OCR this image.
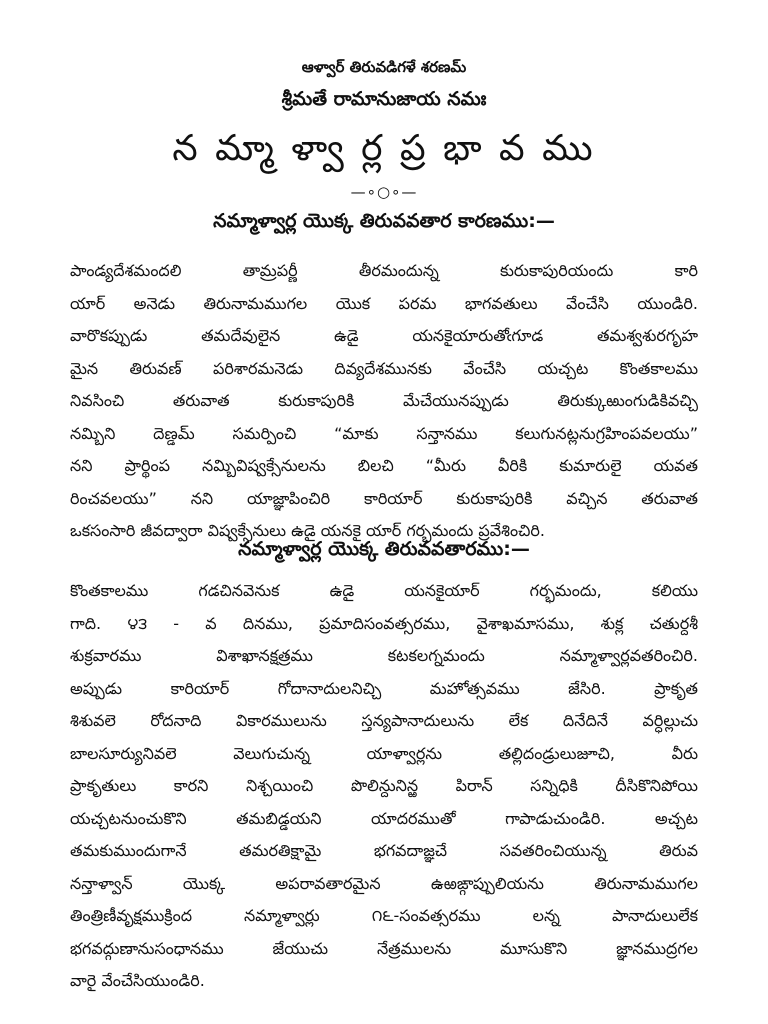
ఆళ్వార్ తిరువడిగళే శరణమ్
శ్రీమతే రామానుజాయ నమః
న మ్మా ళ్వా ర్ల ప్ర భా వ ము
—∘○∘—
నమ్మాళ్వార్ల యొక్క తిరువవతార కారణము:—
పాండ్యదేశమందలి తామ్రపర్ణీ తీరమందున్న కురుకాపురియందు కారి
యార్ అనెడు తిరునామముగల యొక పరమ భాగవతులు వేంచేసి యుండిరి.
వారొకప్పుడు తమదేవులైన ఉడై యనకైయారుతోఁగూడ తమశ్వశురగృహ
మైన తిరువణ్ పరిశారమనెడు దివ్యదేశమునకు వేంచేసి యచ్చట కొంతకాలము
నివసించి తరువాత కురుకాపురికి మేచేయునప్పుడు తిరుక్కుఱుంగుడికివచ్చి
నమ్బిని దెణ్డమ్ సమర్పించి “మాకు సన్తానము కలుగునట్లనుగ్రహింపవలయు”
నని ప్రార్థింప నమ్బివిష్వక్సేనులను బిలచి “మీరు వీరికి కుమారులై యవత
రించవలయు” నని యాజ్ఞాపించిరి కారియార్ కురుకాపురికి వచ్చిన తరువాత
ఒకసంసారి జీవద్వారా విష్వక్సేనులు ఉడై యనకై యార్ గర్భమందు ప్రవేశించిరి.
నమ్మాళ్వార్ల యొక్క తిరువవతారము:—
కొంతకాలము గడచినవెనుక ఉడై యనకైయార్ గర్భమందు, కలియు
గాది. ౪౩ - వ దినము, ప్రమాదిసంవత్సరము, వైశాఖమాసము, శుక్ల చతుర్దశీ
శుక్రవారము విశాఖానక్షత్రము కటకలగ్నమందు నమ్మాళ్వార్లవతరించిరి.
అప్పుడు కారియార్ గోదానాదులనిచ్చి మహోత్సవము జేసిరి. ప్రాకృత
శిశువలె రోదనాది వికారములును స్తన్యపానాదులును లేక దినేదినే వర్ధిల్లుచు
బాలసూర్యునివలె వెలుగుచున్న యాళ్వార్లను తల్లిదండ్రులుజూచి, వీరు
ప్రాకృతులు కారని నిశ్చయించి పొలిన్దునిన్ఱ పిరాన్ సన్నిధికి దీసికొనిపోయి
యచ్చటనుంచుకొని తమబిడ్డయని యాదరముతో గాపాడుచుండిరి. అచ్చట
తమకుముందుగానే తమరతిక్షామై భగవదాజ్ఞచే సవతరించియున్న తిరువ
నన్తాళ్వాన్ యొక్క అపరావతారమైన ఉఱఙ్గాప్పులియను తిరునామముగల
తింత్రిణీవృక్షముక్రింద నమ్మాళ్వార్లు ౧౬-సంవత్సరము లన్న పానాదులులేక
భగవద్గుణానుసంధానము జేయుచు నేత్రములను మూసుకొని జ్ఞానముద్రగల
వారై వేంచేసియుండిరి.
